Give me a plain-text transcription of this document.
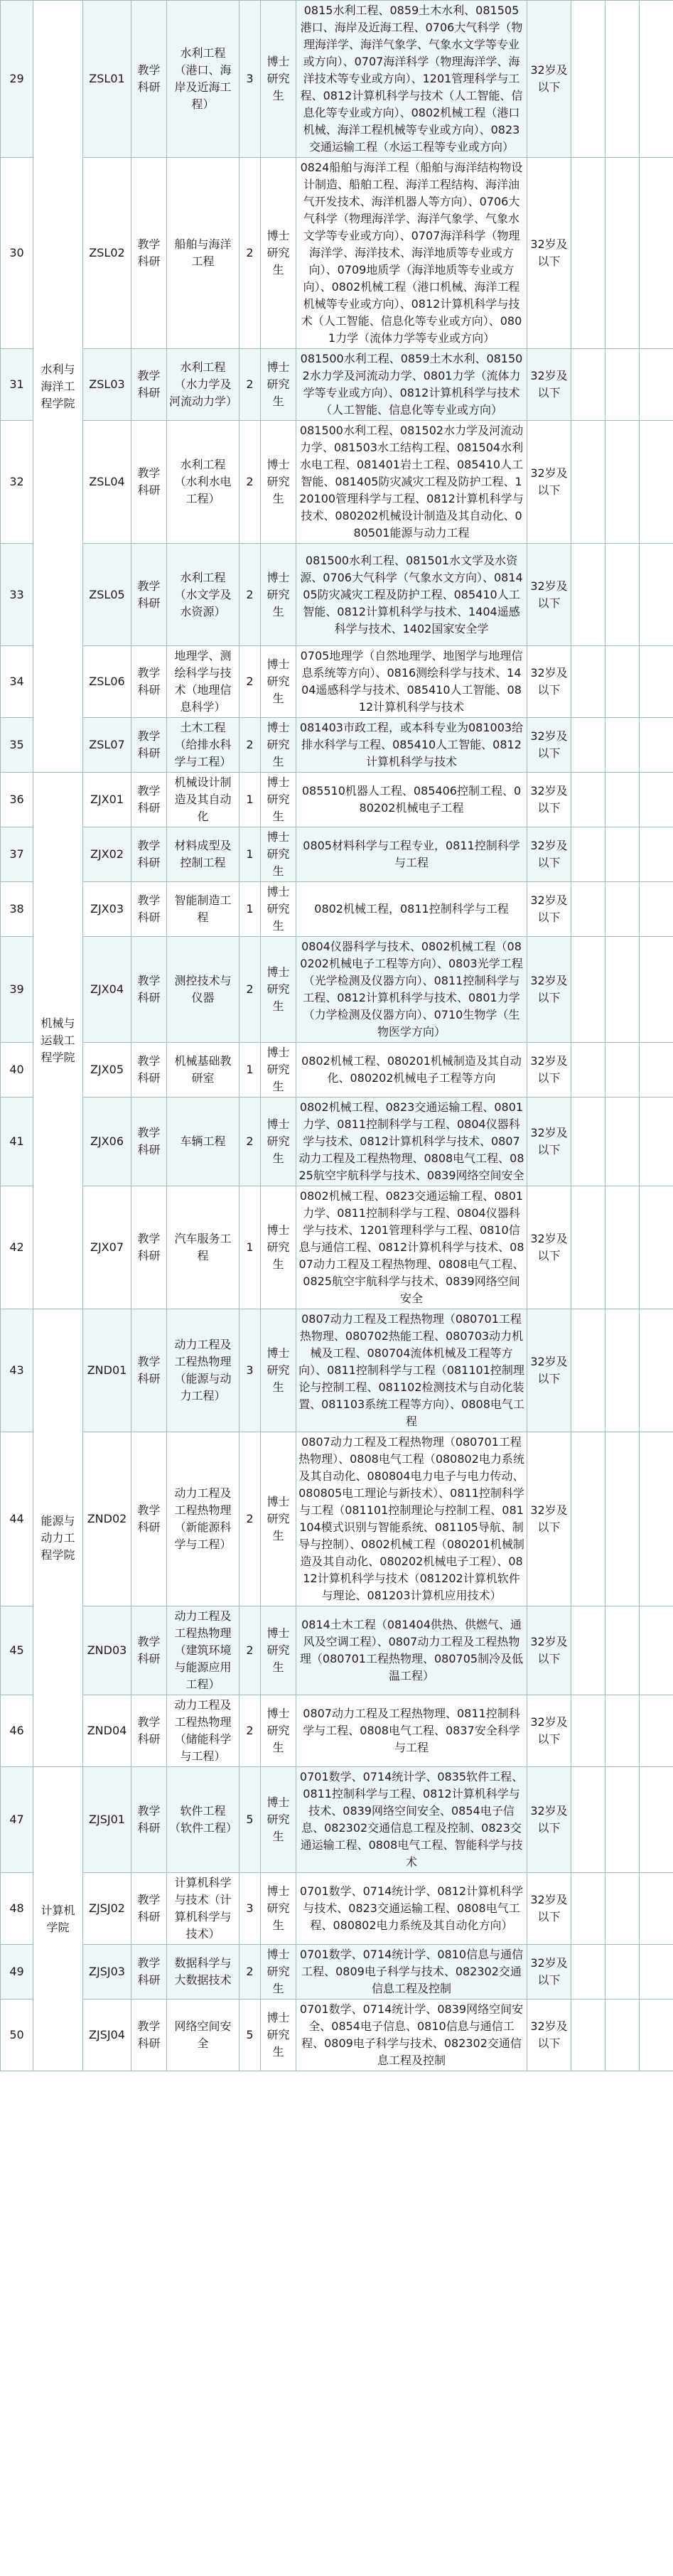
29	水利与海洋工程学院	ZSL01	教学科研	水利工程（港口、海岸及近海工程）	3	博士研究生	0815水利工程、0859土木水利、081505港口、海岸及近海工程、0706大气科学（物理海洋学、海洋气象学、气象水文学等专业或方向）、0707海洋科学（物理海洋学、海洋技术等专业或方向）、1201管理科学与工程、0812计算机科学与技术（人工智能、信息化等专业或方向）、0802机械工程（港口机械、海洋工程机械等专业或方向）、0823交通运输工程（水运工程等专业或方向）	32岁及以下			
30		ZSL02	教学科研	船舶与海洋工程	2	博士研究生	0824船舶与海洋工程（船舶与海洋结构物设计制造、船舶工程、海洋工程结构、海洋油气开发技术、海洋机器人等方向）、0706大气科学（物理海洋学、海洋气象学、气象水文学等专业或方向）、0707海洋科学（物理海洋学、海洋技术、海洋地质等专业或方向）、0709地质学（海洋地质等专业或方向）、0802机械工程（港口机械、海洋工程机械等专业或方向）、0812计算机科学与技术（人工智能、信息化等专业或方向）、0801力学（流体力学等专业或方向）	32岁及以下			
31		ZSL03	教学科研	水利工程（水力学及河流动力学）	2	博士研究生	081500水利工程、0859土木水利、081502水力学及河流动力学、0801力学（流体力学等专业或方向）、0812计算机科学与技术（人工智能、信息化等专业或方向）	32岁及以下			
32		ZSL04	教学科研	水利工程（水利水电工程）	2	博士研究生	081500水利工程、081502水力学及河流动力学、081503水工结构工程、081504水利水电工程、081401岩土工程、085410人工智能、081405防灾减灾工程及防护工程、120100管理科学与工程、0812计算机科学与技术、080202机械设计制造及其自动化、080501能源与动力工程	32岁及以下			
33		ZSL05	教学科研	水利工程（水文学及水资源）	2	博士研究生	081500水利工程、081501水文学及水资源、0706大气科学（气象水文方向）、081405防灾减灾工程及防护工程、085410人工智能、0812计算机科学与技术、1404遥感科学与技术、1402国家安全学	32岁及以下			
34		ZSL06	教学科研	地理学、测绘科学与技术（地理信息科学）	2	博士研究生	0705地理学（自然地理学、地图学与地理信息系统等方向）、0816测绘科学与技术、1404遥感科学与技术、085410人工智能、0812计算机科学与技术	32岁及以下			
35		ZSL07	教学科研	土木工程（给排水科学与工程）	2	博士研究生	081403市政工程，或本科专业为081003给排水科学与工程、085410人工智能、0812计算机科学与技术	32岁及以下			
36	机械与运载工程学院	ZJX01	教学科研	机械设计制造及其自动化	1	博士研究生	085510机器人工程、085406控制工程、080202机械电子工程	32岁及以下			
37		ZJX02	教学科研	材料成型及控制工程	1	博士研究生	0805材料科学与工程专业，0811控制科学与工程	32岁及以下			
38		ZJX03	教学科研	智能制造工程	1	博士研究生	0802机械工程，0811控制科学与工程	32岁及以下			
39		ZJX04	教学科研	测控技术与仪器	2	博士研究生	0804仪器科学与技术、0802机械工程（080202机械电子工程等方向）、0803光学工程（光学检测及仪器方向）、0811控制科学与工程、0812计算机科学与技术、0801力学（力学检测及仪器方向）、0710生物学（生物医学方向）	32岁及以下			
40		ZJX05	教学科研	机械基础教研室	1	博士研究生	0802机械工程、080201机械制造及其自动化、080202机械电子工程等方向	32岁及以下			
41		ZJX06	教学科研	车辆工程	2	博士研究生	0802机械工程、0823交通运输工程、0801力学、0811控制科学与工程、0804仪器科学与技术、0812计算机科学与技术、0807动力工程及工程热物理、0808电气工程、0825航空宇航科学与技术、0839网络空间安全	32岁及以下			
42		ZJX07	教学科研	汽车服务工程	1	博士研究生	0802机械工程、0823交通运输工程、0801力学、0811控制科学与工程、0804仪器科学与技术、1201管理科学与工程、0810信息与通信工程、0812计算机科学与技术、0807动力工程及工程热物理、0808电气工程、0825航空宇航科学与技术、0839网络空间安全	32岁及以下			
43	能源与动力工程学院	ZND01	教学科研	动力工程及工程热物理（能源与动力工程）	3	博士研究生	0807动力工程及工程热物理（080701工程热物理、080702热能工程、080703动力机械及工程、080704流体机械及工程等方向）、0811控制科学与工程（081101控制理论与控制工程、081102检测技术与自动化装置、081103系统工程等方向）、0808电气工程	32岁及以下			
44		ZND02	教学科研	动力工程及工程热物理（新能源科学与工程）	2	博士研究生	0807动力工程及工程热物理（080701工程热物理）、0808电气工程（080802电力系统及其自动化、080804电力电子与电力传动、080805电工理论与新技术）、0811控制科学与工程（081101控制理论与控制工程、081104模式识别与智能系统、081105导航、制导与控制）、0802机械工程（080201机械制造及其自动化、080202机械电子工程）、0812计算机科学与技术（081202计算机软件与理论、081203计算机应用技术）	32岁及以下			
45		ZND03	教学科研	动力工程及工程热物理（建筑环境与能源应用工程）	2	博士研究生	0814土木工程（081404供热、供燃气、通风及空调工程）、0807动力工程及工程热物理（080701工程热物理、080705制冷及低温工程）	32岁及以下			
46		ZND04	教学科研	动力工程及工程热物理（储能科学与工程）	2	博士研究生	0807动力工程及工程热物理、0811控制科学与工程、0808电气工程、0837安全科学与工程	32岁及以下			
47	计算机学院	ZJSJ01	教学科研	软件工程（软件工程）	5	博士研究生	0701数学、0714统计学、0835软件工程、0811控制科学与工程、0812计算机科学与技术、0839网络空间安全、0854电子信息、082302交通信息工程及控制、0823交通运输工程、0808电气工程、智能科学与技术	32岁及以下			
48		ZJSJ02	教学科研	计算机科学与技术（计算机科学与技术）	3	博士研究生	0701数学、0714统计学、0812计算机科学与技术、0823交通运输工程、0808电气工程、080802电力系统及其自动化方向）	32岁及以下			
49		ZJSJ03	教学科研	数据科学与大数据技术	2	博士研究生	0701数学、0714统计学、0810信息与通信工程、0809电子科学与技术、082302交通信息工程及控制	32岁及以下			
50		ZJSJ04	教学科研	网络空间安全	5	博士研究生	0701数学、0714统计学、0839网络空间安全、0854电子信息、0810信息与通信工程、0809电子科学与技术、082302交通信息工程及控制	32岁及以下			
